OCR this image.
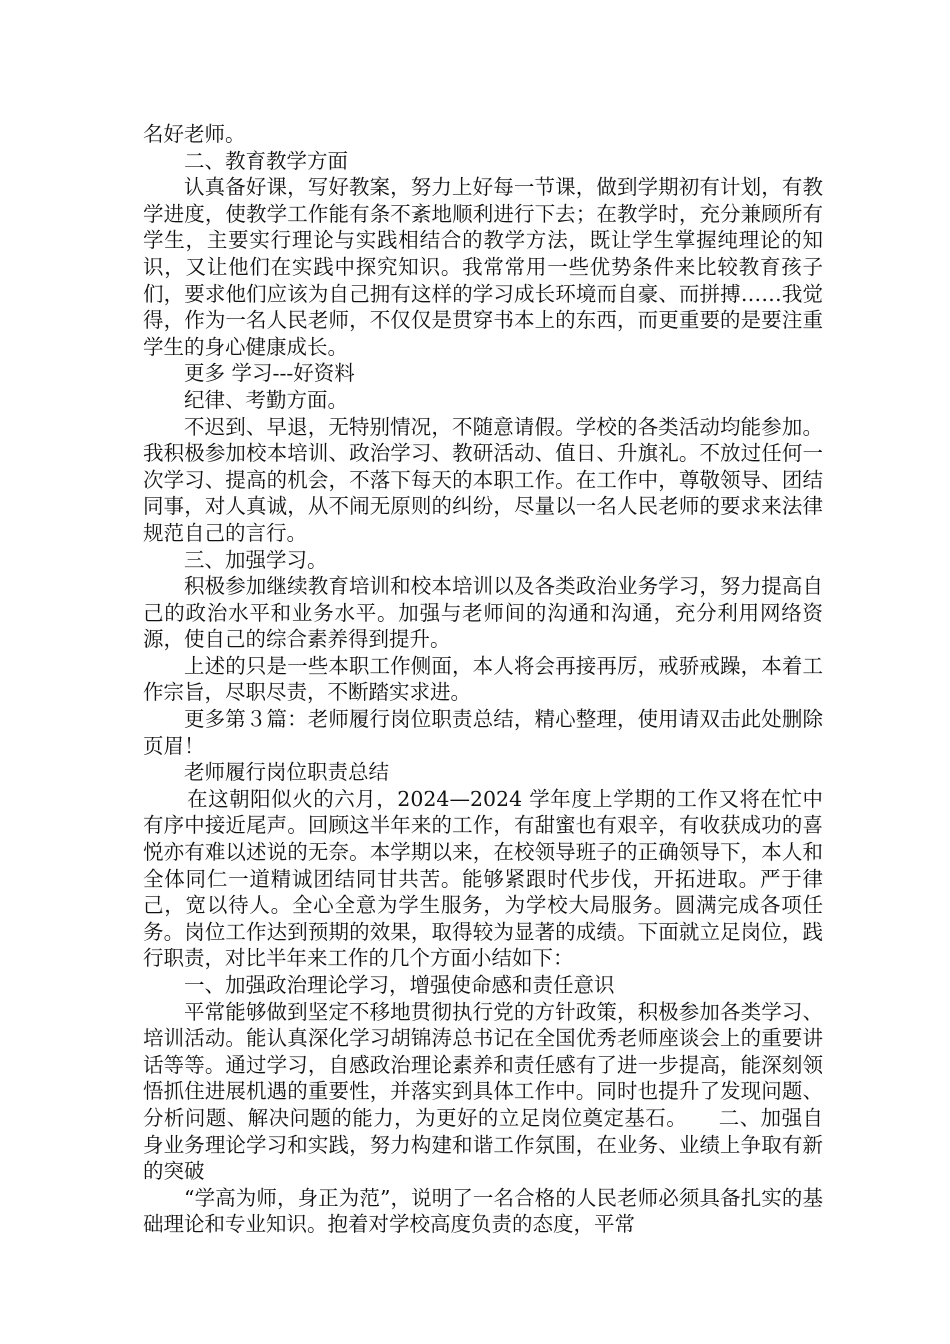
名好老师。

二、教育教学方面

认真备好课，写好教案，努力上好每一节课，做到学期初有计划，有教学进度，使教学工作能有条不紊地顺利进行下去；在教学时，充分兼顾所有学生，主要实行理论与实践相结合的教学方法，既让学生掌握纯理论的知识，又让他们在实践中探究知识。我常常用一些优势条件来比较教育孩子们，要求他们应该为自己拥有这样的学习成长环境而自豪、而拼搏……我觉得，作为一名人民老师，不仅仅是贯穿书本上的东西，而更重要的是要注重学生的身心健康成长。

更多 学习---好资料

纪律、考勤方面。

不迟到、早退，无特别情况，不随意请假。学校的各类活动均能参加。我积极参加校本培训、政治学习、教研活动、值日、升旗礼。不放过任何一次学习、提高的机会，不落下每天的本职工作。在工作中，尊敬领导、团结同事，对人真诚，从不闹无原则的纠纷，尽量以一名人民老师的要求来法律规范自己的言行。

三、加强学习。

积极参加继续教育培训和校本培训以及各类政治业务学习，努力提高自己的政治水平和业务水平。加强与老师间的沟通和沟通，充分利用网络资源，使自己的综合素养得到提升。

上述的只是一些本职工作侧面，本人将会再接再厉，戒骄戒躁，本着工作宗旨，尽职尽责，不断踏实求进。

更多第３篇：老师履行岗位职责总结，精心整理，使用请双击此处删除页眉！

老师履行岗位职责总结

在这朝阳似火的六月，2024—2024 学年度上学期的工作又将在忙中有序中接近尾声。回顾这半年来的工作，有甜蜜也有艰辛，有收获成功的喜悦亦有难以述说的无奈。本学期以来，在校领导班子的正确领导下，本人和全体同仁一道精诚团结同甘共苦。能够紧跟时代步伐，开拓进取。严于律己，宽以待人。全心全意为学生服务，为学校大局服务。圆满完成各项任务。岗位工作达到预期的效果，取得较为显著的成绩。下面就立足岗位，践行职责，对比半年来工作的几个方面小结如下：

一、加强政治理论学习，增强使命感和责任意识

平常能够做到坚定不移地贯彻执行党的方针政策，积极参加各类学习、培训活动。能认真深化学习胡锦涛总书记在全国优秀老师座谈会上的重要讲话等等。通过学习，自感政治理论素养和责任感有了进一步提高，能深刻领悟抓住进展机遇的重要性，并落实到具体工作中。同时也提升了发现问题、分析问题、解决问题的能力，为更好的立足岗位奠定基石。　　二、加强自身业务理论学习和实践，努力构建和谐工作氛围，在业务、业绩上争取有新的突破

“学高为师，身正为范”，说明了一名合格的人民老师必须具备扎实的基础理论和专业知识。抱着对学校高度负责的态度，平常
